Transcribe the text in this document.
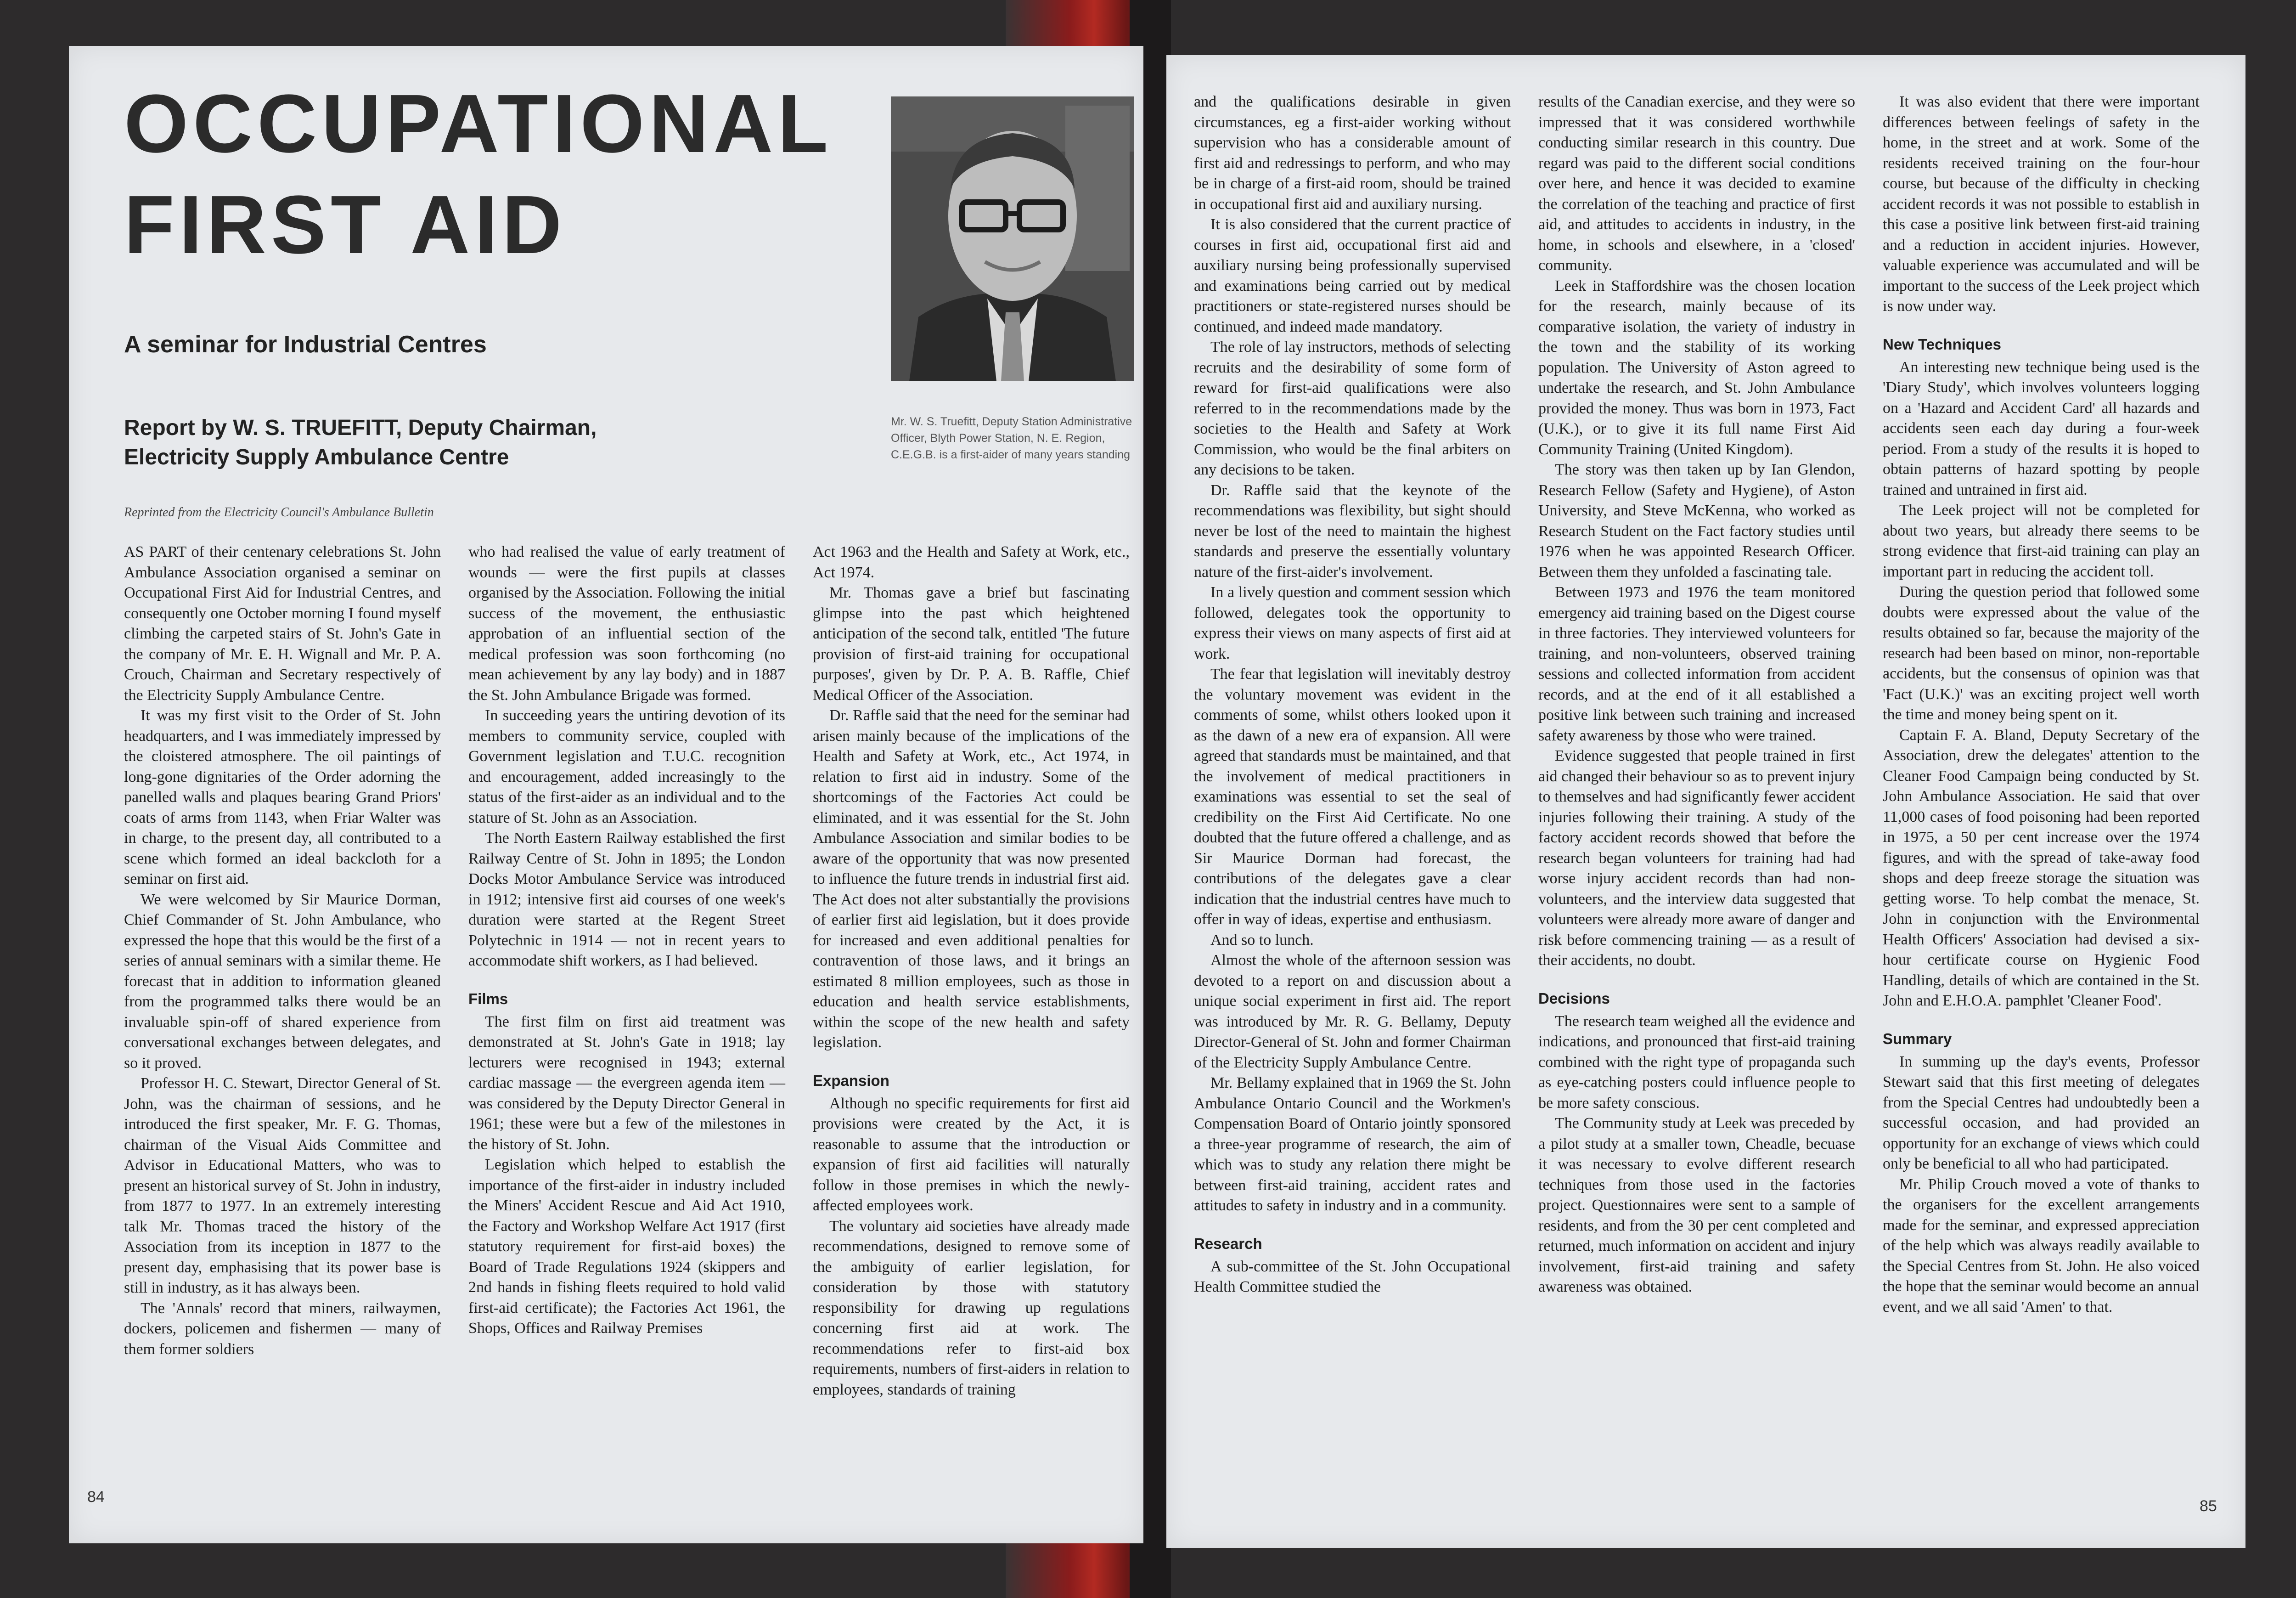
OCCUPATIONAL
FIRST AID
A seminar for Industrial Centres
Report by W. S. TRUEFITT, Deputy Chairman, Electricity Supply Ambulance Centre

Reprinted from the Electricity Council's Ambulance Bulletin

Mr. W. S. Truefitt, Deputy Station Administrative Officer, Blyth Power Station, N. E. Region, C.E.G.B. is a first-aider of many years standing

AS PART of their centenary celebrations St. John Ambulance Association organised a seminar on Occupational First Aid for Industrial Centres, and consequently one October morning I found myself climbing the carpeted stairs of St. John's Gate in the company of Mr. E. H. Wignall and Mr. P. A. Crouch, Chairman and Secretary respectively of the Electricity Supply Ambulance Centre.

It was my first visit to the Order of St. John headquarters, and I was immediately impressed by the cloistered atmosphere. The oil paintings of long-gone dignitaries of the Order adorning the panelled walls and plaques bearing Grand Priors' coats of arms from 1143, when Friar Walter was in charge, to the present day, all contributed to a scene which formed an ideal backcloth for a seminar on first aid.

We were welcomed by Sir Maurice Dorman, Chief Commander of St. John Ambulance, who expressed the hope that this would be the first of a series of annual seminars with a similar theme. He forecast that in addition to information gleaned from the programmed talks there would be an invaluable spin-off of shared experience from conversational exchanges between delegates, and so it proved.

Professor H. C. Stewart, Director General of St. John, was the chairman of sessions, and he introduced the first speaker, Mr. F. G. Thomas, chairman of the Visual Aids Committee and Advisor in Educational Matters, who was to present an historical survey of St. John in industry, from 1877 to 1977. In an extremely interesting talk Mr. Thomas traced the history of the Association from its inception in 1877 to the present day, emphasising that its power base is still in industry, as it has always been.

The 'Annals' record that miners, railwaymen, dockers, policemen and fishermen — many of them former soldiers

who had realised the value of early treatment of wounds — were the first pupils at classes organised by the Association. Following the initial success of the movement, the enthusiastic approbation of an influential section of the medical profession was soon forthcoming (no mean achievement by any lay body) and in 1887 the St. John Ambulance Brigade was formed.

In succeeding years the untiring devotion of its members to community service, coupled with Government legislation and T.U.C. recognition and encouragement, added increasingly to the status of the first-aider as an individual and to the stature of St. John as an Association.

The North Eastern Railway established the first Railway Centre of St. John in 1895; the London Docks Motor Ambulance Service was introduced in 1912; intensive first aid courses of one week's duration were started at the Regent Street Polytechnic in 1914 — not in recent years to accommodate shift workers, as I had believed.

Films

The first film on first aid treatment was demonstrated at St. John's Gate in 1918; lay lecturers were recognised in 1943; external cardiac massage — the evergreen agenda item — was considered by the Deputy Director General in 1961; these were but a few of the milestones in the history of St. John.

Legislation which helped to establish the importance of the first-aider in industry included the Miners' Accident Rescue and Aid Act 1910, the Factory and Workshop Welfare Act 1917 (first statutory requirement for first-aid boxes) the Board of Trade Regulations 1924 (skippers and 2nd hands in fishing fleets required to hold valid first-aid certificate); the Factories Act 1961, the Shops, Offices and Railway Premises

Act 1963 and the Health and Safety at Work, etc., Act 1974.

Mr. Thomas gave a brief but fascinating glimpse into the past which heightened anticipation of the second talk, entitled 'The future provision of first-aid training for occupational purposes', given by Dr. P. A. B. Raffle, Chief Medical Officer of the Association.

Dr. Raffle said that the need for the seminar had arisen mainly because of the implications of the Health and Safety at Work, etc., Act 1974, in relation to first aid in industry. Some of the shortcomings of the Factories Act could be eliminated, and it was essential for the St. John Ambulance Association and similar bodies to be aware of the opportunity that was now presented to influence the future trends in industrial first aid. The Act does not alter substantially the provisions of earlier first aid legislation, but it does provide for increased and even additional penalties for contravention of those laws, and it brings an estimated 8 million employees, such as those in education and health service establishments, within the scope of the new health and safety legislation.

Expansion

Although no specific requirements for first aid provisions were created by the Act, it is reasonable to assume that the introduction or expansion of first aid facilities will naturally follow in those premises in which the newly-affected employees work.

The voluntary aid societies have already made recommendations, designed to remove some of the ambiguity of earlier legislation, for consideration by those with statutory responsibility for drawing up regulations concerning first aid at work. The recommendations refer to first-aid box requirements, numbers of first-aiders in relation to employees, standards of training

84

and the qualifications desirable in given circumstances, eg a first-aider working without supervision who has a considerable amount of first aid and redressings to perform, and who may be in charge of a first-aid room, should be trained in occupational first aid and auxiliary nursing.

It is also considered that the current practice of courses in first aid, occupational first aid and auxiliary nursing being professionally supervised and examinations being carried out by medical practitioners or state-registered nurses should be continued, and indeed made mandatory.

The role of lay instructors, methods of selecting recruits and the desirability of some form of reward for first-aid qualifications were also referred to in the recommendations made by the societies to the Health and Safety at Work Commission, who would be the final arbiters on any decisions to be taken.

Dr. Raffle said that the keynote of the recommendations was flexibility, but sight should never be lost of the need to maintain the highest standards and preserve the essentially voluntary nature of the first-aider's involvement.

In a lively question and comment session which followed, delegates took the opportunity to express their views on many aspects of first aid at work.

The fear that legislation will inevitably destroy the voluntary movement was evident in the comments of some, whilst others looked upon it as the dawn of a new era of expansion. All were agreed that standards must be maintained, and that the involvement of medical practitioners in examinations was essential to set the seal of credibility on the First Aid Certificate. No one doubted that the future offered a challenge, and as Sir Maurice Dorman had forecast, the contributions of the delegates gave a clear indication that the industrial centres have much to offer in way of ideas, expertise and enthusiasm.

And so to lunch.

Almost the whole of the afternoon session was devoted to a report on and discussion about a unique social experiment in first aid. The report was introduced by Mr. R. G. Bellamy, Deputy Director-General of St. John and former Chairman of the Electricity Supply Ambulance Centre.

Mr. Bellamy explained that in 1969 the St. John Ambulance Ontario Council and the Workmen's Compensation Board of Ontario jointly sponsored a three-year programme of research, the aim of which was to study any relation there might be between first-aid training, accident rates and attitudes to safety in industry and in a community.

Research

A sub-committee of the St. John Occupational Health Committee studied the

results of the Canadian exercise, and they were so impressed that it was considered worthwhile conducting similar research in this country. Due regard was paid to the different social conditions over here, and hence it was decided to examine the correlation of the teaching and practice of first aid, and attitudes to accidents in industry, in the home, in schools and elsewhere, in a 'closed' community.

Leek in Staffordshire was the chosen location for the research, mainly because of its comparative isolation, the variety of industry in the town and the stability of its working population. The University of Aston agreed to undertake the research, and St. John Ambulance provided the money. Thus was born in 1973, Fact (U.K.), or to give it its full name First Aid Community Training (United Kingdom).

The story was then taken up by Ian Glendon, Research Fellow (Safety and Hygiene), of Aston University, and Steve McKenna, who worked as Research Student on the Fact factory studies until 1976 when he was appointed Research Officer. Between them they unfolded a fascinating tale.

Between 1973 and 1976 the team monitored emergency aid training based on the Digest course in three factories. They interviewed volunteers for training, and non-volunteers, observed training sessions and collected information from accident records, and at the end of it all established a positive link between such training and increased safety awareness by those who were trained.

Evidence suggested that people trained in first aid changed their behaviour so as to prevent injury to themselves and had significantly fewer accident injuries following their training. A study of the factory accident records showed that before the research began volunteers for training had had worse injury accident records than had non-volunteers, and the interview data suggested that volunteers were already more aware of danger and risk before commencing training — as a result of their accidents, no doubt.

Decisions

The research team weighed all the evidence and indications, and pronounced that first-aid training combined with the right type of propaganda such as eye-catching posters could influence people to be more safety conscious.

The Community study at Leek was preceded by a pilot study at a smaller town, Cheadle, becuase it was necessary to evolve different research techniques from those used in the factories project. Questionnaires were sent to a sample of residents, and from the 30 per cent completed and returned, much information on accident and injury involvement, first-aid training and safety awareness was obtained.

It was also evident that there were important differences between feelings of safety in the home, in the street and at work. Some of the residents received training on the four-hour course, but because of the difficulty in checking accident records it was not possible to establish in this case a positive link between first-aid training and a reduction in accident injuries. However, valuable experience was accumulated and will be important to the success of the Leek project which is now under way.

New Techniques

An interesting new technique being used is the 'Diary Study', which involves volunteers logging on a 'Hazard and Accident Card' all hazards and accidents seen each day during a four-week period. From a study of the results it is hoped to obtain patterns of hazard spotting by people trained and untrained in first aid.

The Leek project will not be completed for about two years, but already there seems to be strong evidence that first-aid training can play an important part in reducing the accident toll.

During the question period that followed some doubts were expressed about the value of the results obtained so far, because the majority of the research had been based on minor, non-reportable accidents, but the consensus of opinion was that 'Fact (U.K.)' was an exciting project well worth the time and money being spent on it.

Captain F. A. Bland, Deputy Secretary of the Association, drew the delegates' attention to the Cleaner Food Campaign being conducted by St. John Ambulance Association. He said that over 11,000 cases of food poisoning had been reported in 1975, a 50 per cent increase over the 1974 figures, and with the spread of take-away food shops and deep freeze storage the situation was getting worse. To help combat the menace, St. John in conjunction with the Environmental Health Officers' Association had devised a six-hour certificate course on Hygienic Food Handling, details of which are contained in the St. John and E.H.O.A. pamphlet 'Cleaner Food'.

Summary

In summing up the day's events, Professor Stewart said that this first meeting of delegates from the Special Centres had undoubtedly been a successful occasion, and had provided an opportunity for an exchange of views which could only be beneficial to all who had participated.

Mr. Philip Crouch moved a vote of thanks to the organisers for the excellent arrangements made for the seminar, and expressed appreciation of the help which was always readily available to the Special Centres from St. John. He also voiced the hope that the seminar would become an annual event, and we all said 'Amen' to that.

85
